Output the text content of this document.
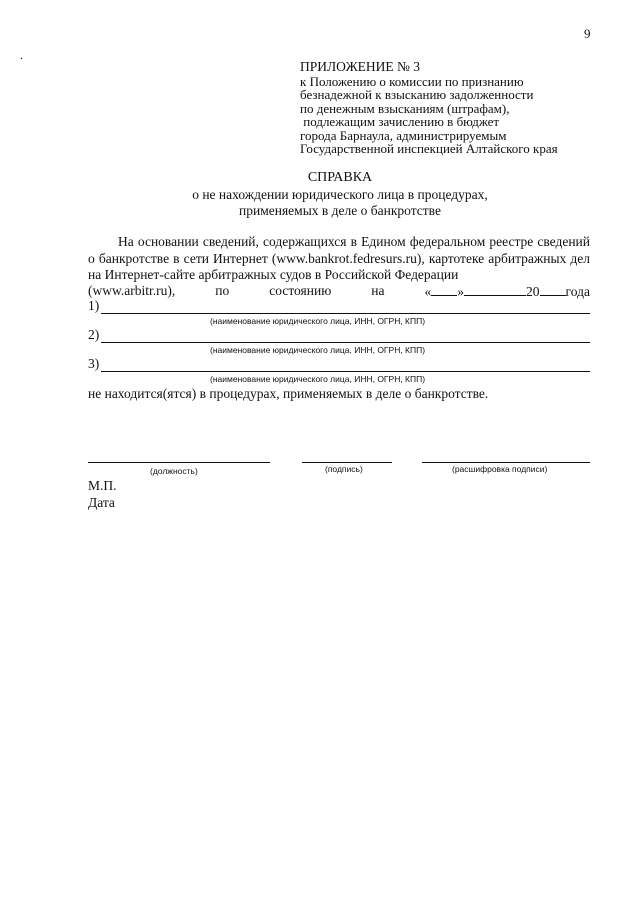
9
.
ПРИЛОЖЕНИЕ № 3
к Положению о комиссии по признанию
безнадежной к взысканию задолженности
по денежным взысканиям (штрафам),
подлежащим зачислению в бюджет
города Барнаула, администрируемым
Государственной инспекцией Алтайского края
СПРАВКА
о не нахождении юридического лица в процедурах,
применяемых в деле о банкротстве
На основании сведений, содержащихся в Едином федеральном реестре сведений о банкротстве в сети Интернет (www.bankrot.fedresurs.ru), картотеке арбитражных дел на Интернет-сайте арбитражных судов в Российской Федерации
(www.arbitr.ru),	по	состоянию	на	« »	20 года
1)
(наименование юридического лица, ИНН, ОГРН, КПП)
2)
(наименование юридического лица, ИНН, ОГРН, КПП)
3)
(наименование юридического лица, ИНН, ОГРН, КПП)
не находится(ятся) в процедурах, применяемых в деле о банкротстве.
(должность)	(подпись)	(расшифровка подписи)
М.П.
Дата
